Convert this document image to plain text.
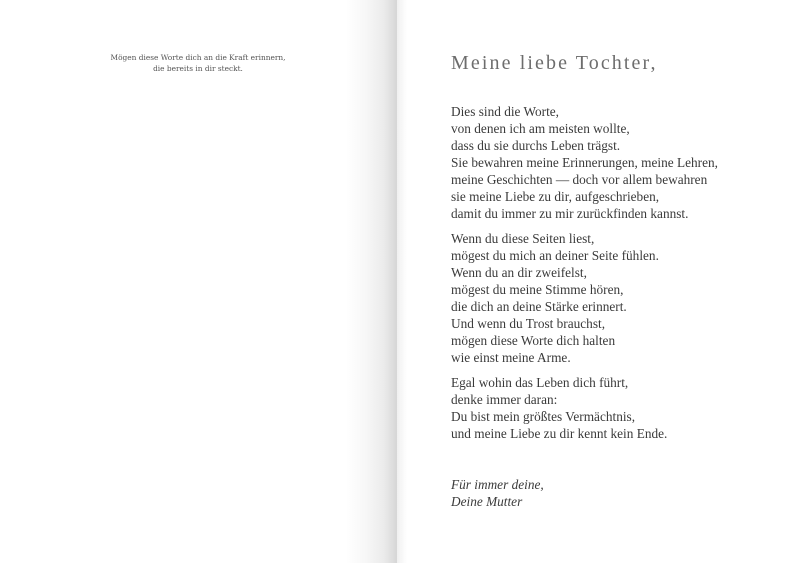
Mögen diese Worte dich an die Kraft erinnern,
die bereits in dir steckt.	Meine liebe Tochter,
Dies sind die Worte,
von denen ich am meisten wollte,
dass du sie durchs Leben trägst.
Sie bewahren meine Erinnerungen, meine Lehren,
meine Geschichten — doch vor allem bewahren
sie meine Liebe zu dir, aufgeschrieben,
damit du immer zu mir zurückfinden kannst.
Wenn du diese Seiten liest,
mögest du mich an deiner Seite fühlen.
Wenn du an dir zweifelst,
mögest du meine Stimme hören,
die dich an deine Stärke erinnert.
Und wenn du Trost brauchst,
mögen diese Worte dich halten
wie einst meine Arme.
Egal wohin das Leben dich führt,
denke immer daran:
Du bist mein größtes Vermächtnis,
und meine Liebe zu dir kennt kein Ende.
Für immer deine,
Deine Mutter
